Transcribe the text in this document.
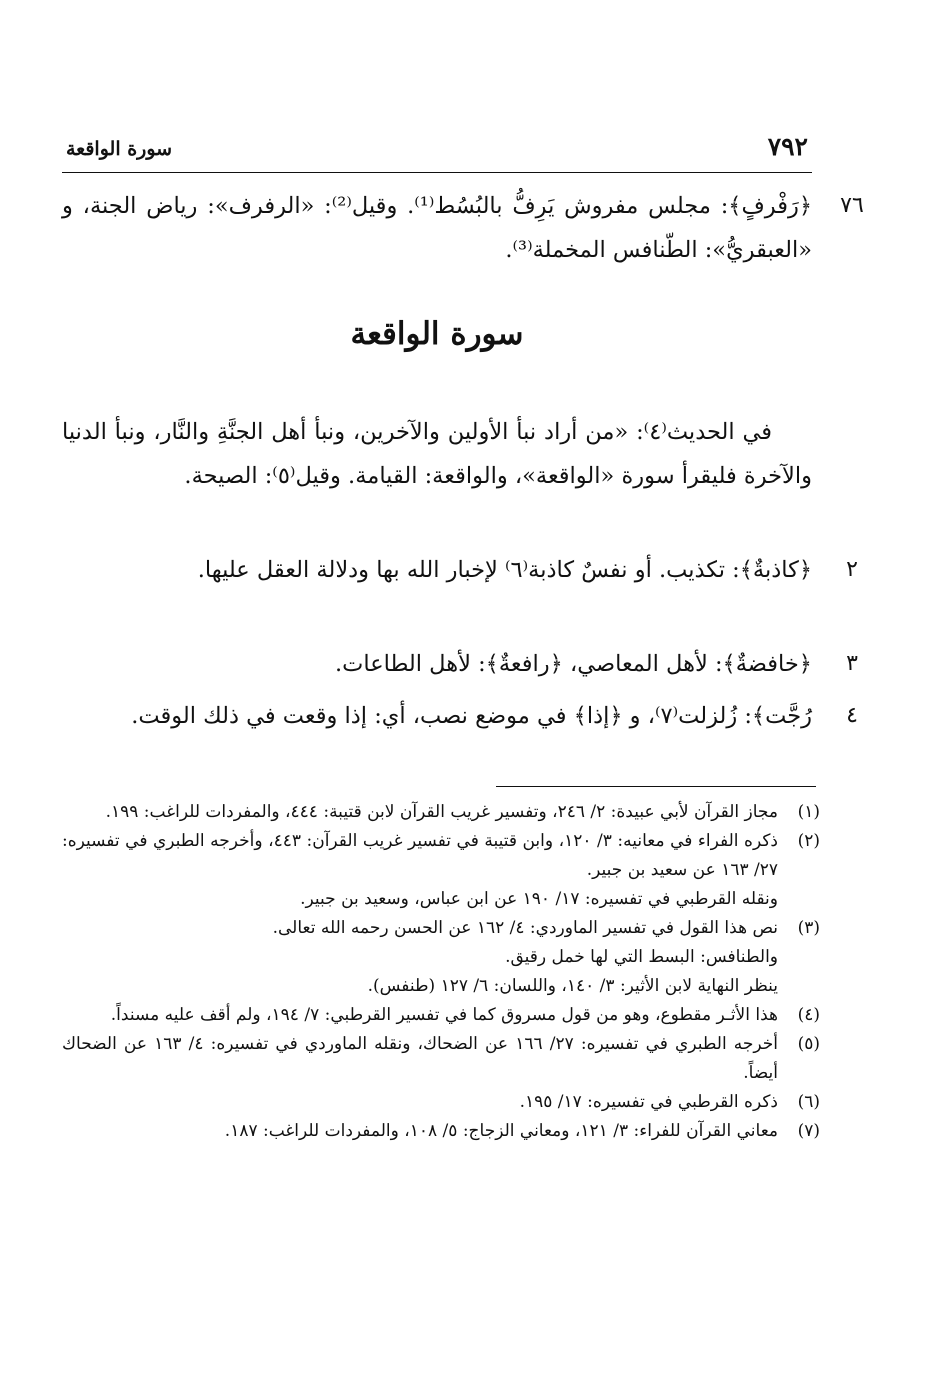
٧٩٢
سورة الواقعة
٧٦
﴿رَفْرفٍ﴾: مجلس مفروش يَرِفُّ بالبُسُط⁽¹⁾. وقيل⁽²⁾: «الرفرف»: رياض الجنة، و «العبقريُّ»: الطّنافس المخملة⁽³⁾.
سورة الواقعة
في الحديث⁽٤⁾: «من أراد نبأ الأولين والآخرين، ونبأ أهل الجنَّةِ والنَّار، ونبأ الدنيا والآخرة فليقرأ سورة «الواقعة»، والواقعة: القيامة. وقيل⁽٥⁾: الصيحة.
٢
﴿كاذبةٌ﴾: تكذيب. أو نفسٌ كاذبة⁽٦⁾ لإخبار الله بها ودلالة العقل عليها.
٣
﴿خافضةٌ﴾: لأهل المعاصي، ﴿رافعةٌ﴾: لأهل الطاعات.
٤
رُجَّت﴾: زُلزلت⁽٧⁾، و ﴿إذا﴾ في موضع نصب، أي: إذا وقعت في ذلك الوقت.
(١)
مجاز القرآن لأبي عبيدة: ٢/ ٢٤٦، وتفسير غريب القرآن لابن قتيبة: ٤٤٤، والمفردات للراغب: ١٩٩.
(٢)
ذكره الفراء في معانيه: ٣/ ١٢٠، وابن قتيبة في تفسير غريب القرآن: ٤٤٣، وأخرجه الطبري في تفسيره: ٢٧/ ١٦٣ عن سعيد بن جبير.
ونقله القرطبي في تفسيره: ١٧/ ١٩٠ عن ابن عباس، وسعيد بن جبير.
(٣)
نص هذا القول في تفسير الماوردي: ٤/ ١٦٢ عن الحسن رحمه الله تعالى.
والطنافس: البسط التي لها خمل رقيق.
ينظر النهاية لابن الأثير: ٣/ ١٤٠، واللسان: ٦/ ١٢٧ (طنفس).
(٤)
هذا الأثـر مقطوع، وهو من قول مسروق كما في تفسير القرطبي: ٧/ ١٩٤، ولم أقف عليه مسنداً.
(٥)
أخرجه الطبري في تفسيره: ٢٧/ ١٦٦ عن الضحاك، ونقله الماوردي في تفسيره: ٤/ ١٦٣ عن الضحاك أيضاً.
(٦)
ذكره القرطبي في تفسيره: ١٧/ ١٩٥.
(٧)
معاني القرآن للفراء: ٣/ ١٢١، ومعاني الزجاج: ٥/ ١٠٨، والمفردات للراغب: ١٨٧.
